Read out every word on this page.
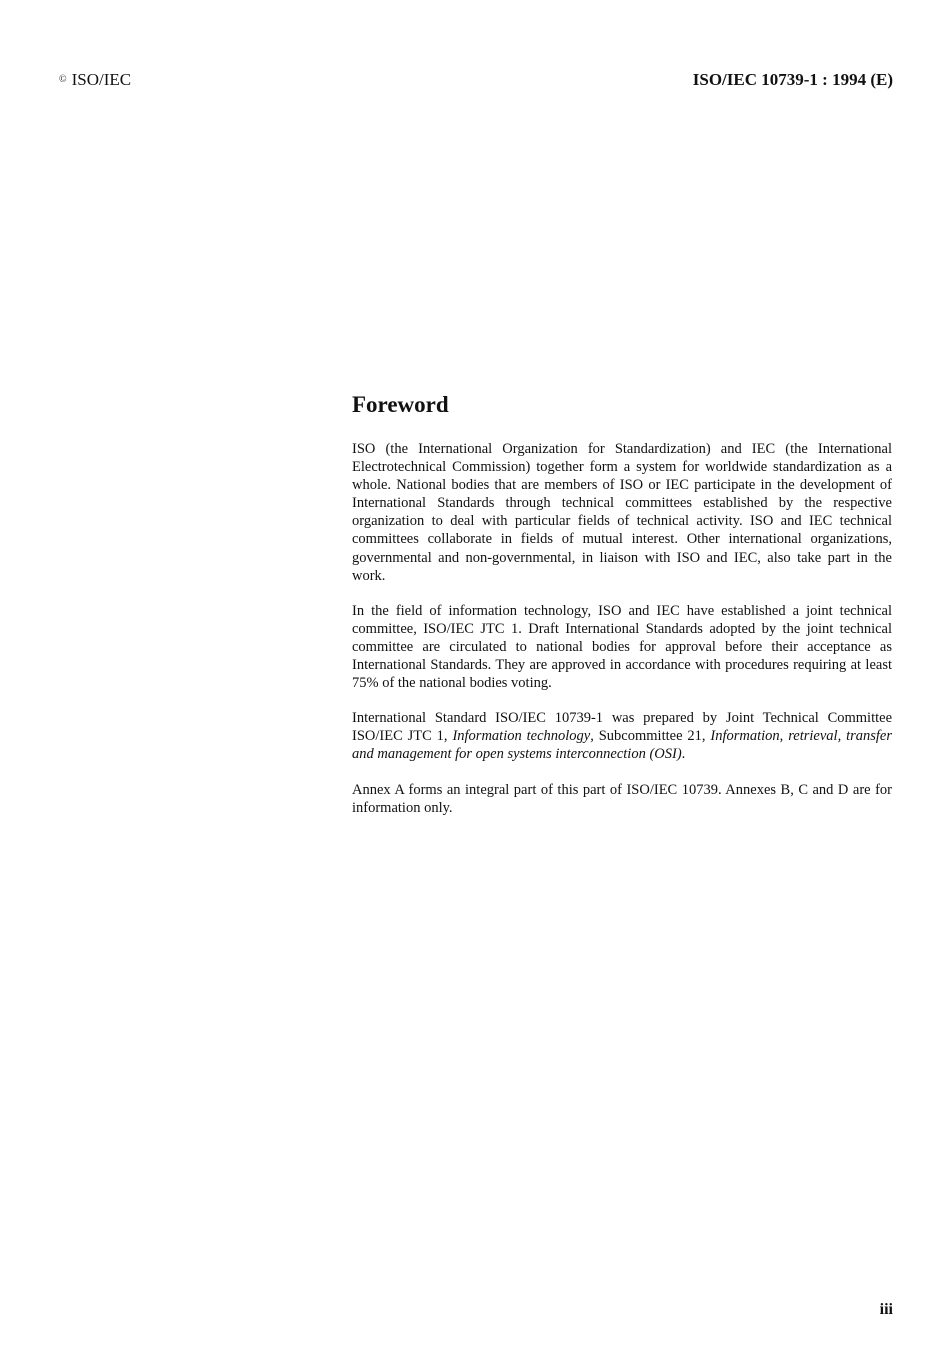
© ISO/IEC	ISO/IEC 10739-1 : 1994 (E)
Foreword

ISO (the International Organization for Standardization) and IEC (the International Electrotechnical Commission) together form a system for worldwide standardization as a whole. National bodies that are members of ISO or IEC participate in the development of International Standards through technical committees established by the respective organization to deal with particular fields of technical activity. ISO and IEC technical committees collaborate in fields of mutual interest. Other international organizations, governmental and non-governmental, in liaison with ISO and IEC, also take part in the work.

In the field of information technology, ISO and IEC have established a joint technical committee, ISO/IEC JTC 1. Draft International Standards adopted by the joint technical committee are circulated to national bodies for approval before their acceptance as International Standards. They are approved in accordance with procedures requiring at least 75% of the national bodies voting.

International Standard ISO/IEC 10739-1 was prepared by Joint Technical Committee ISO/IEC JTC 1, Information technology, Subcommittee 21, Information, retrieval, transfer and management for open systems interconnection (OSI).

Annex A forms an integral part of this part of ISO/IEC 10739. Annexes B, C and D are for information only.

iii
